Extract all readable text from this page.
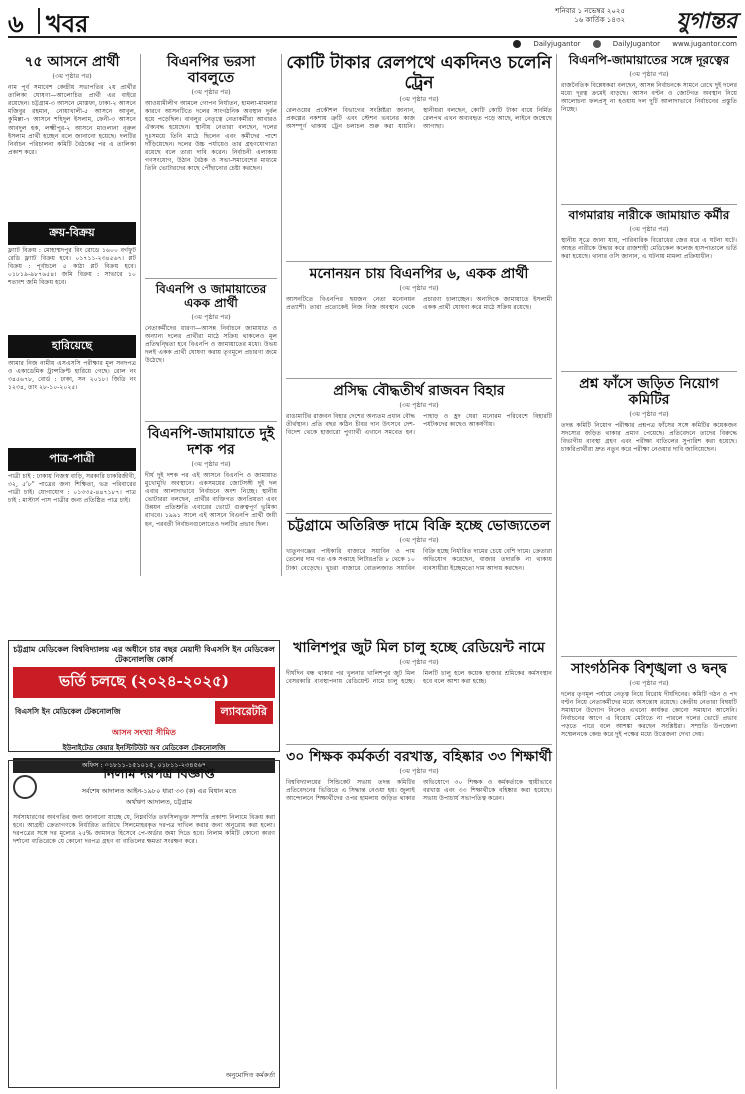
৬ খবর	শনিবার ১ নভেম্বর ২০২৫
১৬ কার্তিক ১৪৩২ যুগান্তর
Dailyjugantor	DailyJugantor www.jugantor.com
৭৫ আসনে প্রার্থী
(৩য় পৃষ্ঠার পর)
নাম পূর্ব সমাবেশ কেন্দ্রীয় সভাপতির ২য় প্রার্থীর তালিকা ঘোষণা—আলোচিত প্রার্থী এর বাইরে রয়েছেন। চট্টগ্রাম-৩ আসনে মোস্তফা, ঢাকা-২ আসনে মজিবুর রহমান, নোয়াখালী-৫ আসনে আবুল, কুমিল্লা-৭ আসনে শহিদুল ইসলাম, ফেনী-৩ আসনে আবদুল হক, লক্ষ্মীপুর-২ আসনে মাওলানা নূরুল ইসলাম প্রার্থী হচ্ছেন বলে জানানো হয়েছে। দলটির নির্বাচন পরিচালনা কমিটি বৈঠকের পর এ তালিকা প্রকাশ করে।
ক্রয়-বিক্রয়
ফ্ল্যাট বিক্রয় : মোহাম্মদপুর রিং রোডে ১৬০০ বর্গফুট রেডি ফ্ল্যাট বিক্রয় হবে। ০১৭১১-২৩৪৫৬৭। প্লট বিক্রয় : পূর্বাচলে ৫ কাঠা প্লট বিক্রয় হবে। ০১৮১৯-৯৮৭৬৫৪। জমি বিক্রয় : সাভারে ১০ শতাংশ জমি বিক্রয় হবে।
হারিয়েছে
আমার নিজ নামীয় এসএসসি পরীক্ষার মূল সনদপত্র ও একাডেমিক ট্রান্সক্রিপ্ট হারিয়ে গেছে। রোল নং ৩৪৫৬৭৮, বোর্ড : ঢাকা, সন ২০১৮। জিডি নং ১২৩৪, তাং ২৮-১০-২০২৫।
পাত্র-পাত্রী
পাত্রী চাই : ঢাকায় নিজস্ব বাড়ি, সরকারি চাকরিজীবী, ৩২, ৫'৮" পাত্রের জন্য শিক্ষিতা, ভদ্র পরিবারের পাত্রী চাই। যোগাযোগ : ০১৩৩৫-৪৪৭১৮৭। পাত্র চাই : মাস্টার্স পাস পাত্রীর জন্য প্রতিষ্ঠিত পাত্র চাই।
চট্টগ্রাম মেডিকেল বিশ্ববিদ্যালয় এর অধীনে চার বছর মেয়াদী বিএসসি ইন মেডিকেল টেকনোলজি কোর্স
ভর্তি চলছে (২০২৪-২০২৫)
বিএসসি ইন মেডিকেল টেকনোলজি	ল্যাবরেটরি
আসন সংখ্যা সীমিত
ইউনাইটেড কেয়ার ইনস্টিটিউট অব মেডিকেল টেকনোলজি
অফিস : ০১৮১১-১৫১০১৫, ০১৮১১-২৩৪৫৬৭
বিএনপির ভরসা বাবলুতে
(৩য় পৃষ্ঠার পর)
আওয়ামীলীগ আমলে গোপন নির্যাতন, হামলা-মামলার কারণে আসনটিতে দলের সাংগঠনিক অবস্থান দুর্বল হয়ে পড়েছিল। বাবলুর নেতৃত্বে নেতাকর্মীরা আবারও ঐক্যবদ্ধ হয়েছেন। স্থানীয় নেতারা বলছেন, দলের দুঃসময়ে তিনি মাঠে ছিলেন এবং কর্মীদের পাশে দাঁড়িয়েছেন। দলের উচ্চ পর্যায়েও তার গ্রহণযোগ্যতা রয়েছে বলে তারা দাবি করেন। নির্বাচনী এলাকায় গণসংযোগ, উঠান বৈঠক ও সভা-সমাবেশের মাধ্যমে তিনি ভোটারদের কাছে পৌঁছানোর চেষ্টা করছেন।
বিএনপি ও জামায়াতের একক প্রার্থী
(৩য় পৃষ্ঠার পর)
নেতাকর্মীদের ধারণা—আসন্ন নির্বাচনে জামায়াত ও অন্যান্য দলের প্রার্থীরা মাঠে সক্রিয় থাকলেও মূল প্রতিদ্বন্দ্বিতা হবে বিএনপি ও জামায়াতের মধ্যে। উভয় দলই একক প্রার্থী ঘোষণা করায় তৃণমূলে প্রচারণা জমে উঠেছে।
বিএনপি-জামায়াতে দুই দশক পর
(৩য় পৃষ্ঠার পর)
দীর্ঘ দুই দশক পর এই আসনে বিএনপি ও জামায়াত মুখোমুখি অবস্থানে। একসময়ের জোটসঙ্গী দুই দল এবার আলাদাভাবে নির্বাচনে অংশ নিচ্ছে। স্থানীয় ভোটাররা বলছেন, প্রার্থীর ব্যক্তিগত জনপ্রিয়তা এবং উন্নয়ন প্রতিশ্রুতি এবারের ভোটে গুরুত্বপূর্ণ ভূমিকা রাখবে। ১৯৯১ সালে এই আসনে বিএনপি প্রার্থী জয়ী হন, পরবর্তী নির্বাচনগুলোতেও দলটির প্রভাব ছিল।
কোটি টাকার রেলপথে একদিনও চলেনি ট্রেন
(৩য় পৃষ্ঠার পর)
রেলওয়ের প্রকৌশল বিভাগের সংশ্লিষ্টরা জানান, প্রকল্পের নকশায় ত্রুটি এবং স্টেশন ভবনের কাজ অসম্পূর্ণ থাকায় ট্রেন চলাচল শুরু করা যায়নি। স্থানীয়রা বলছেন, কোটি কোটি টাকা ব্যয়ে নির্মিত রেলপথ এখন অব্যবহৃত পড়ে আছে, লাইনে জন্মেছে আগাছা।
মনোনয়ন চায় বিএনপির ৬, একক প্রার্থী
(৩য় পৃষ্ঠার পর)
আসনটিতে বিএনপির ছয়জন নেতা মনোনয়ন প্রত্যাশী। তারা প্রত্যেকেই নিজ নিজ অবস্থান থেকে প্রচারণা চালাচ্ছেন। অন্যদিকে জামায়াতে ইসলামী একক প্রার্থী ঘোষণা করে মাঠে সক্রিয় রয়েছে।
প্রসিদ্ধ বৌদ্ধতীর্থ রাজবন বিহার
(৩য় পৃষ্ঠার পর)
রাঙামাটির রাজবন বিহার দেশের অন্যতম প্রধান বৌদ্ধ তীর্থস্থান। প্রতি বছর কঠিন চীবর দান উৎসবে দেশ-বিদেশ থেকে হাজারো পুণ্যার্থী এখানে সমবেত হন। পাহাড় ও হ্রদ ঘেরা মনোরম পরিবেশে বিহারটি পর্যটকদের কাছেও আকর্ষণীয়।
চট্টগ্রামে অতিরিক্ত দামে বিক্রি হচ্ছে ভোজ্যতেল
(৩য় পৃষ্ঠার পর)
খাতুনগঞ্জের পাইকারি বাজারে সয়াবিন ও পাম তেলের দাম গত এক সপ্তাহে লিটারপ্রতি ৮ থেকে ১০ টাকা বেড়েছে। খুচরা বাজারে বোতলজাত সয়াবিন বিক্রি হচ্ছে নির্ধারিত দামের চেয়ে বেশি দামে। ক্রেতারা অভিযোগ করেছেন, বাজার তদারকি না থাকায় ব্যবসায়ীরা ইচ্ছেমতো দাম আদায় করছেন।
খালিশপুর জুট মিল চালু হচ্ছে রেডিয়েন্ট নামে
(৩য় পৃষ্ঠার পর)
দীর্ঘদিন বন্ধ থাকার পর খুলনার খালিশপুর জুট মিল বেসরকারি ব্যবস্থাপনায় রেডিয়েন্ট নামে চালু হচ্ছে। মিলটি চালু হলে কয়েক হাজার শ্রমিকের কর্মসংস্থান হবে বলে আশা করা হচ্ছে।
৩০ শিক্ষক কর্মকর্তা বরখাস্ত, বহিষ্কার ৩৩ শিক্ষার্থী
(৩য় পৃষ্ঠার পর)
বিশ্ববিদ্যালয়ের সিন্ডিকেট সভায় তদন্ত কমিটির প্রতিবেদনের ভিত্তিতে এ সিদ্ধান্ত নেওয়া হয়। জুলাই আন্দোলনে শিক্ষার্থীদের ওপর হামলায় জড়িত থাকার অভিযোগে ৩০ শিক্ষক ও কর্মকর্তাকে স্থায়ীভাবে বরখাস্ত এবং ৩৩ শিক্ষার্থীকে বহিষ্কার করা হয়েছে। সভায় উপাচার্য সভাপতিত্ব করেন।
নিলাম দরপত্র বিজ্ঞপ্তি
সর্বশেষ আদালত আইন-১৯৮০ ধারা ৩৩ (ক) এর বিধান মতে
অর্থঋণ আদালত, চট্টগ্রাম
সর্বসাধারণের অবগতির জন্য জানানো যাচ্ছে যে, নিম্নবর্ণিত তফসিলভুক্ত সম্পত্তি প্রকাশ্য নিলামে বিক্রয় করা হবে। আগ্রহী ক্রেতাগণকে নির্ধারিত তারিখে সিলমোহরকৃত দরপত্র দাখিল করার জন্য অনুরোধ করা হলো। দরপত্রের সঙ্গে দর মূল্যের ২৫% জামানত হিসেবে পে-অর্ডার জমা দিতে হবে। নিলাম কমিটি কোনো কারণ দর্শানো ব্যতিরেকে যে কোনো দরপত্র গ্রহণ বা বাতিলের ক্ষমতা সংরক্ষণ করে।
অনুমোদিত কর্মকর্তা
বিএনপি-জামায়াতের সঙ্গে দূরত্বের
(৩য় পৃষ্ঠার পর)
রাজনৈতিক বিশ্লেষকরা বলছেন, আসন্ন নির্বাচনকে সামনে রেখে দুই দলের মধ্যে দূরত্ব ক্রমেই বাড়ছে। আসন বণ্টন ও জোটগত অবস্থান নিয়ে আলোচনা ফলপ্রসূ না হওয়ায় দল দুটি আলাদাভাবে নির্বাচনের প্রস্তুতি নিচ্ছে।
বাগমারায় নারীকে জামায়াত কর্মীর
(৩য় পৃষ্ঠার পর)
স্থানীয় সূত্রে জানা যায়, পারিবারিক বিরোধের জের ধরে এ ঘটনা ঘটে। আহত নারীকে উদ্ধার করে রাজশাহী মেডিকেল কলেজ হাসপাতালে ভর্তি করা হয়েছে। থানার ওসি জানান, এ ঘটনায় মামলা প্রক্রিয়াধীন।
প্রশ্ন ফাঁসে জড়িত নিয়োগ কমিটির
(৩য় পৃষ্ঠার পর)
তদন্ত কমিটি নিয়োগ পরীক্ষার প্রশ্নপত্র ফাঁসের সঙ্গে কমিটির কয়েকজন সদস্যের জড়িত থাকার প্রমাণ পেয়েছে। প্রতিবেদনে তাদের বিরুদ্ধে বিভাগীয় ব্যবস্থা গ্রহণ এবং পরীক্ষা বাতিলের সুপারিশ করা হয়েছে। চাকরিপ্রার্থীরা দ্রুত নতুন করে পরীক্ষা নেওয়ার দাবি জানিয়েছেন।
সাংগঠনিক বিশৃঙ্খলা ও দ্বন্দ্ব
(৩য় পৃষ্ঠার পর)
দলের তৃণমূল পর্যায়ে নেতৃত্ব নিয়ে বিরোধ দীর্ঘদিনের। কমিটি গঠন ও পদ বণ্টন নিয়ে নেতাকর্মীদের মধ্যে অসন্তোষ রয়েছে। কেন্দ্রীয় নেতারা বিষয়টি সমাধানে উদ্যোগ নিলেও এখনো কার্যকর কোনো সমাধান আসেনি। নির্বাচনের আগে এ বিরোধ মেটাতে না পারলে দলের ভোটে প্রভাব পড়তে পারে বলে আশঙ্কা করছেন সংশ্লিষ্টরা। সম্প্রতি উপজেলা সম্মেলনকে কেন্দ্র করে দুই পক্ষের মধ্যে উত্তেজনা দেখা দেয়।
